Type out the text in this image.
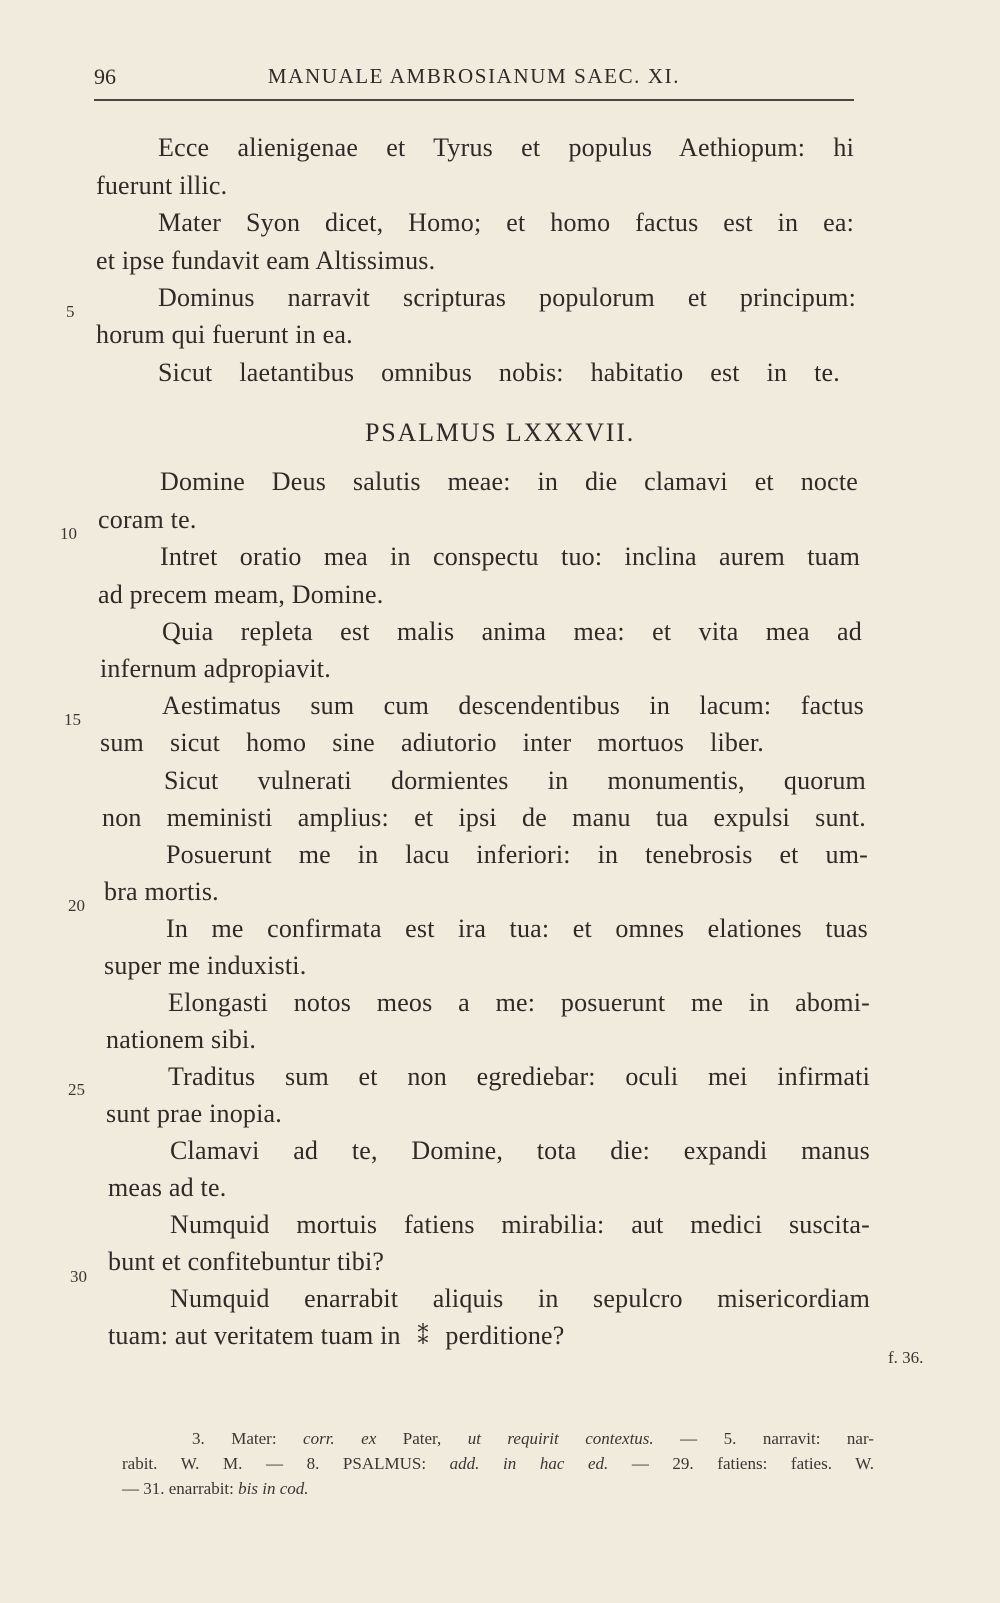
96	MANUALE AMBROSIANUM SAEC. XI.
Ecce alienigenae et Tyrus et populus Aethiopum: hi
fuerunt illic.
Mater Syon dicet, Homo; et homo factus est in ea:
et ipse fundavit eam Altissimus.
Dominus narravit scripturas populorum et principum:
horum qui fuerunt in ea.
Sicut laetantibus omnibus nobis: habitatio est in te.
PSALMUS LXXXVII.
Domine Deus salutis meae: in die clamavi et nocte
coram te.
Intret oratio mea in conspectu tuo: inclina aurem tuam
ad precem meam, Domine.
Quia repleta est malis anima mea: et vita mea ad
infernum adpropiavit.
Aestimatus sum cum descendentibus in lacum: factus
sum sicut homo sine adiutorio inter mortuos liber.
Sicut vulnerati dormientes in monumentis, quorum
non meministi amplius: et ipsi de manu tua expulsi sunt.
Posuerunt me in lacu inferiori: in tenebrosis et um-
bra mortis.
In me confirmata est ira tua: et omnes elationes tuas
super me induxisti.
Elongasti notos meos a me: posuerunt me in abomi-
nationem sibi.
Traditus sum et non egrediebar: oculi mei infirmati
sunt prae inopia.
Clamavi ad te, Domine, tota die: expandi manus
meas ad te.
Numquid mortuis fatiens mirabilia: aut medici suscita-
bunt et confitebuntur tibi?
Numquid enarrabit aliquis in sepulcro misericordiam
tuam: aut veritatem tuam in ⁑ perditione?
5
10
15
20
25
30
f. 36.
3. Mater: corr. ex Pater, ut requirit contextus. — 5. narravit: nar-
rabit. W. M. — 8. PSALMUS: add. in hac ed. — 29. fatiens: faties. W.
— 31. enarrabit: bis in cod.
